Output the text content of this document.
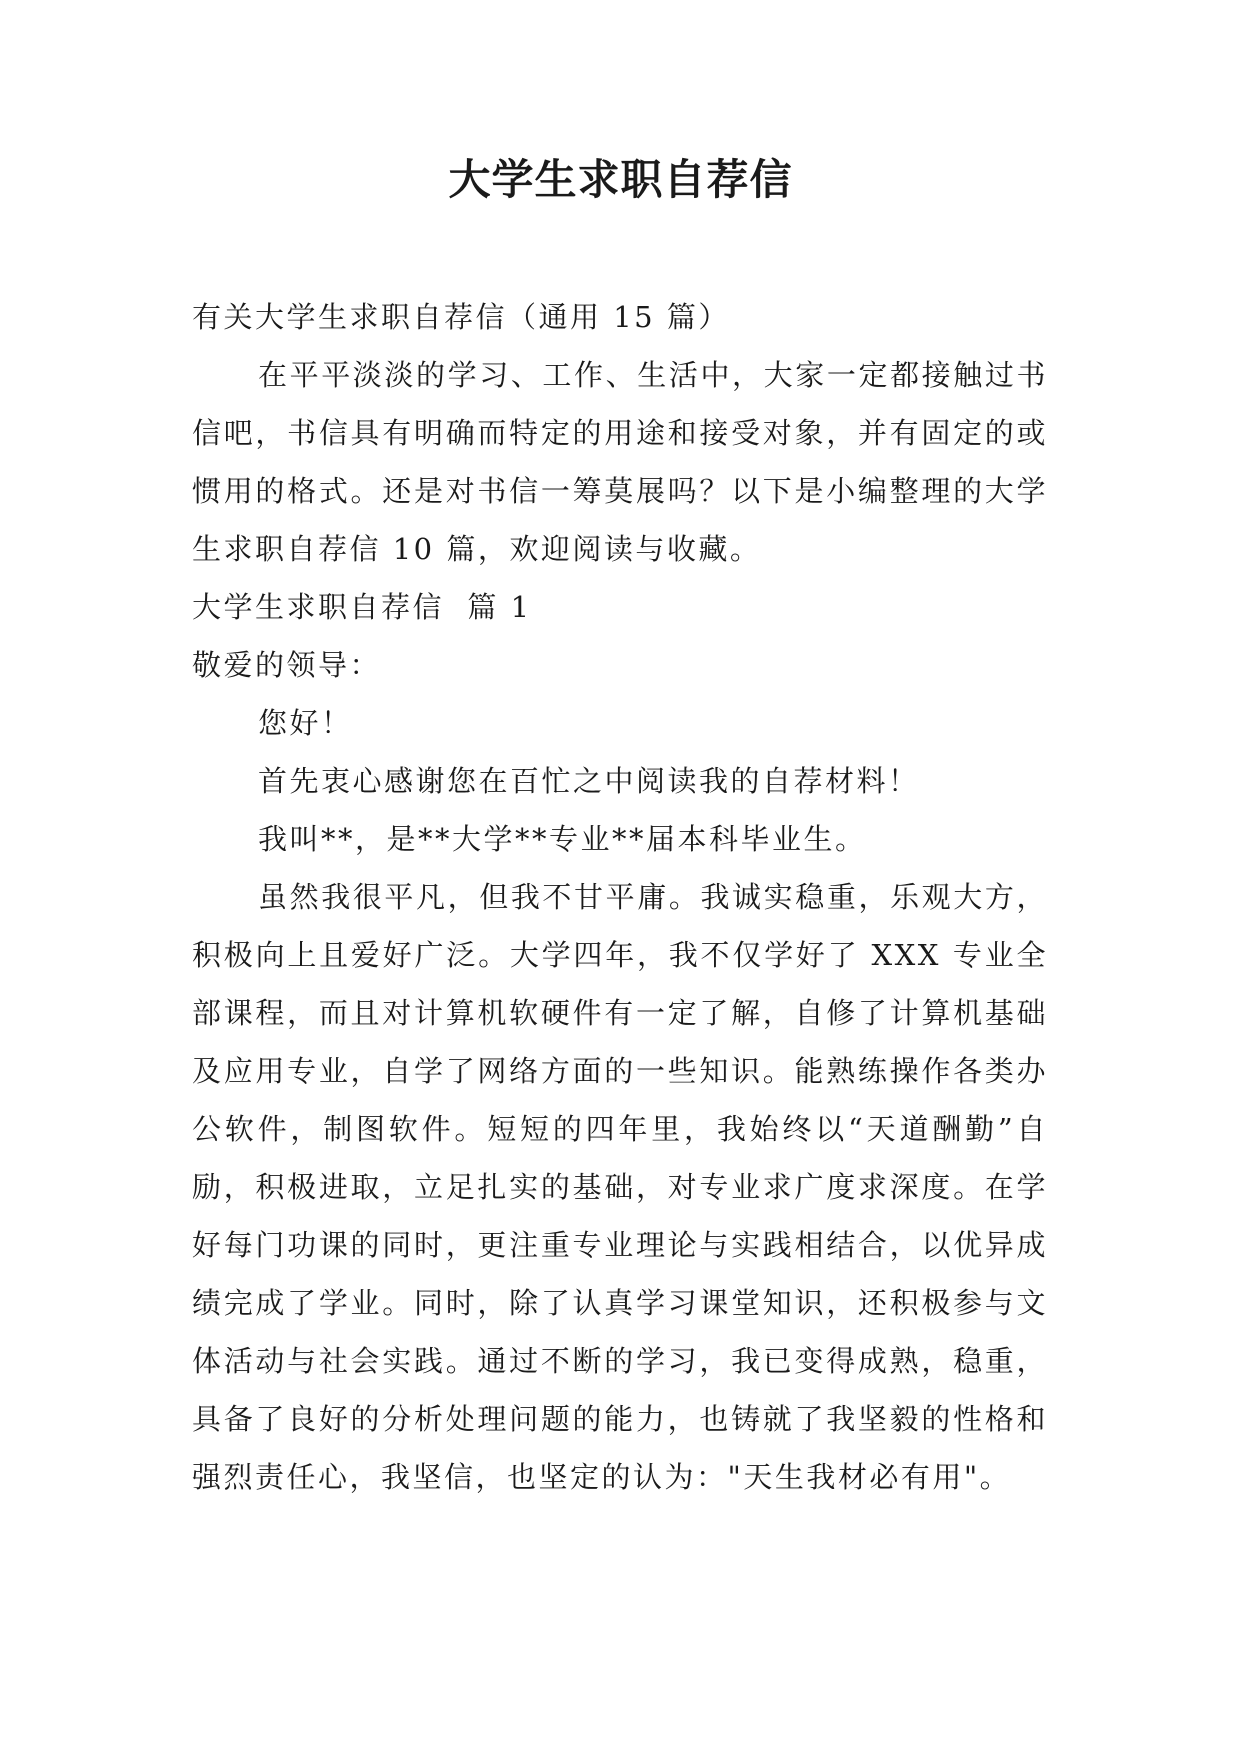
大学生求职自荐信

有关大学生求职自荐信（通用 15 篇）

在平平淡淡的学习、工作、生活中，大家一定都接触过书信吧，书信具有明确而特定的用途和接受对象，并有固定的或惯用的格式。还是对书信一筹莫展吗？以下是小编整理的大学生求职自荐信 10 篇，欢迎阅读与收藏。

大学生求职自荐信  篇 1

敬爱的领导：

您好！

首先衷心感谢您在百忙之中阅读我的自荐材料！

我叫**，是**大学**专业**届本科毕业生。

虽然我很平凡，但我不甘平庸。我诚实稳重，乐观大方，积极向上且爱好广泛。大学四年，我不仅学好了 XXX 专业全部课程，而且对计算机软硬件有一定了解，自修了计算机基础及应用专业，自学了网络方面的一些知识。能熟练操作各类办公软件，制图软件。短短的四年里，我始终以“天道酬勤”自励，积极进取，立足扎实的基础，对专业求广度求深度。在学好每门功课的同时，更注重专业理论与实践相结合，以优异成绩完成了学业。同时，除了认真学习课堂知识，还积极参与文体活动与社会实践。通过不断的学习，我已变得成熟，稳重，具备了良好的分析处理问题的能力，也铸就了我坚毅的性格和强烈责任心，我坚信，也坚定的认为："天生我材必有用"。
